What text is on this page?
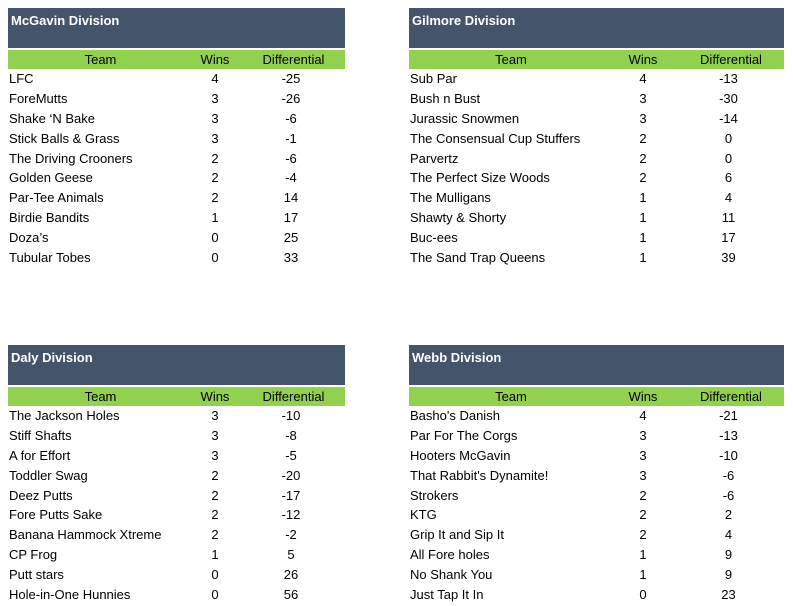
McGavin Division
Team	Wins	Differential
LFC	4	-25
ForeMutts	3	-26
Shake ‘N Bake	3	-6
Stick Balls & Grass	3	-1
The Driving Crooners	2	-6
Golden Geese	2	-4
Par-Tee Animals	2	14
Birdie Bandits	1	17
Doza’s	0	25
Tubular Tobes	0	33
Gilmore Division
Team	Wins	Differential
Sub Par	4	-13
Bush n Bust	3	-30
Jurassic Snowmen	3	-14
The Consensual Cup Stuffers	2	0
Parvertz	2	0
The Perfect Size Woods	2	6
The Mulligans	1	4
Shawty & Shorty	1	11
Buc-ees	1	17
The Sand Trap Queens	1	39
Daly Division
Team	Wins	Differential
The Jackson Holes	3	-10
Stiff Shafts	3	-8
A for Effort	3	-5
Toddler Swag	2	-20
Deez Putts	2	-17
Fore Putts Sake	2	-12
Banana Hammock Xtreme	2	-2
CP Frog	1	5
Putt stars	0	26
Hole-in-One Hunnies	0	56
Webb Division
Team	Wins	Differential
Basho's Danish	4	-21
Par For The Corgs	3	-13
Hooters McGavin	3	-10
That Rabbit's Dynamite!	3	-6
Strokers	2	-6
KTG	2	2
Grip It and Sip It	2	4
All Fore holes	1	9
No Shank You	1	9
Just Tap It In	0	23
